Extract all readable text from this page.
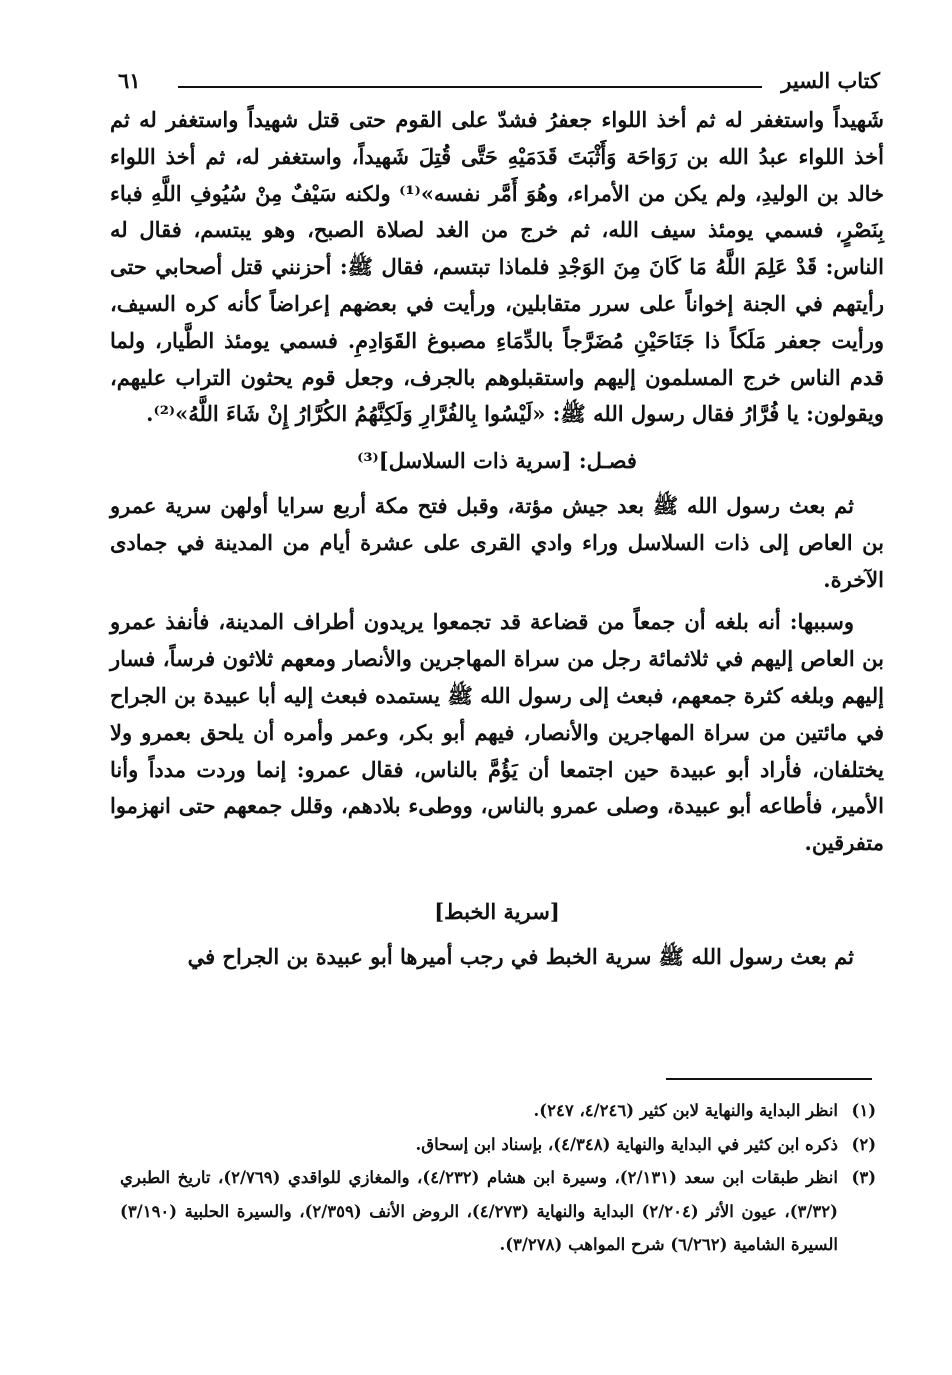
كتاب السير
٦١

شَهيداً واستغفر له ثم أخذ اللواء جعفرُ فشدّ على القوم حتى قتل شهيداً واستغفر له ثم أخذ اللواء عبدُ الله بن رَوَاحَة وَأَثْبَتَ قَدَمَيْهِ حَتَّى قُتِلَ شَهيداً، واستغفر له، ثم أخذ اللواء خالد بن الوليدِ، ولم يكن من الأمراء، وهُوَ أَمَّر نفسه»⁽¹⁾ ولكنه سَيْفٌ مِنْ سُيُوفِ اللَّهِ فباء بِنَصْرٍ، فسمي يومئذ سيف الله، ثم خرج من الغد لصلاة الصبح، وهو يبتسم، فقال له الناس: قَدْ عَلِمَ اللَّهُ مَا كَانَ مِنَ الوَجْدِ فلماذا تبتسم، فقال ﷺ: أحزنني قتل أصحابي حتى رأيتهم في الجنة إخواناً على سرر متقابلين، ورأيت في بعضهم إعراضاً كأنه كره السيف، ورأيت جعفر مَلَكاً ذا جَنَاحَيْنِ مُضَرَّجاً بالدِّمَاءِ مصبوغ القَوَادِمِ. فسمي يومئذ الطَّيار، ولما قدم الناس خرج المسلمون إليهم واستقبلوهم بالجرف، وجعل قوم يحثون التراب عليهم، ويقولون: يا فُرَّارُ فقال رسول الله ﷺ: «لَيْسُوا بِالفُرَّارِ وَلَكِنَّهُمُ الكُرَّارُ إِنْ شَاءَ اللَّهُ»⁽²⁾.

فصـل: [سرية ذات السلاسل]⁽³⁾

ثم بعث رسول الله ﷺ بعد جيش مؤتة، وقبل فتح مكة أربع سرايا أولهن سرية عمرو بن العاص إلى ذات السلاسل وراء وادي القرى على عشرة أيام من المدينة في جمادى الآخرة.

وسببها: أنه بلغه أن جمعاً من قضاعة قد تجمعوا يريدون أطراف المدينة، فأنفذ عمرو بن العاص إليهم في ثلاثمائة رجل من سراة المهاجرين والأنصار ومعهم ثلاثون فرساً، فسار إليهم وبلغه كثرة جمعهم، فبعث إلى رسول الله ﷺ يستمده فبعث إليه أبا عبيدة بن الجراح في مائتين من سراة المهاجرين والأنصار، فيهم أبو بكر، وعمر وأمره أن يلحق بعمرو ولا يختلفان، فأراد أبو عبيدة حين اجتمعا أن يَؤُمَّ بالناس، فقال عمرو: إنما وردت مدداً وأنا الأمير، فأطاعه أبو عبيدة، وصلى عمرو بالناس، ووطىء بلادهم، وقلل جمعهم حتى انهزموا متفرقين.

[سرية الخبط]

ثم بعث رسول الله ﷺ سرية الخبط في رجب أميرها أبو عبيدة بن الجراح في

(١)
انظر البداية والنهاية لابن كثير (٤/٢٤٦، ٢٤٧).
(٢)
ذكره ابن كثير في البداية والنهاية (٤/٣٤٨)، بإسناد ابن إسحاق.
(٣)
انظر طبقات ابن سعد (٢/١٣١)، وسيرة ابن هشام (٤/٢٣٢)، والمغازي للواقدي (٢/٧٦٩)، تاريخ الطبري (٣/٣٢)، عيون الأثر (٢/٢٠٤) البداية والنهاية (٤/٢٧٣)، الروض الأنف (٢/٣٥٩)، والسيرة الحلبية (٣/١٩٠) السيرة الشامية (٦/٢٦٢) شرح المواهب (٣/٢٧٨).
